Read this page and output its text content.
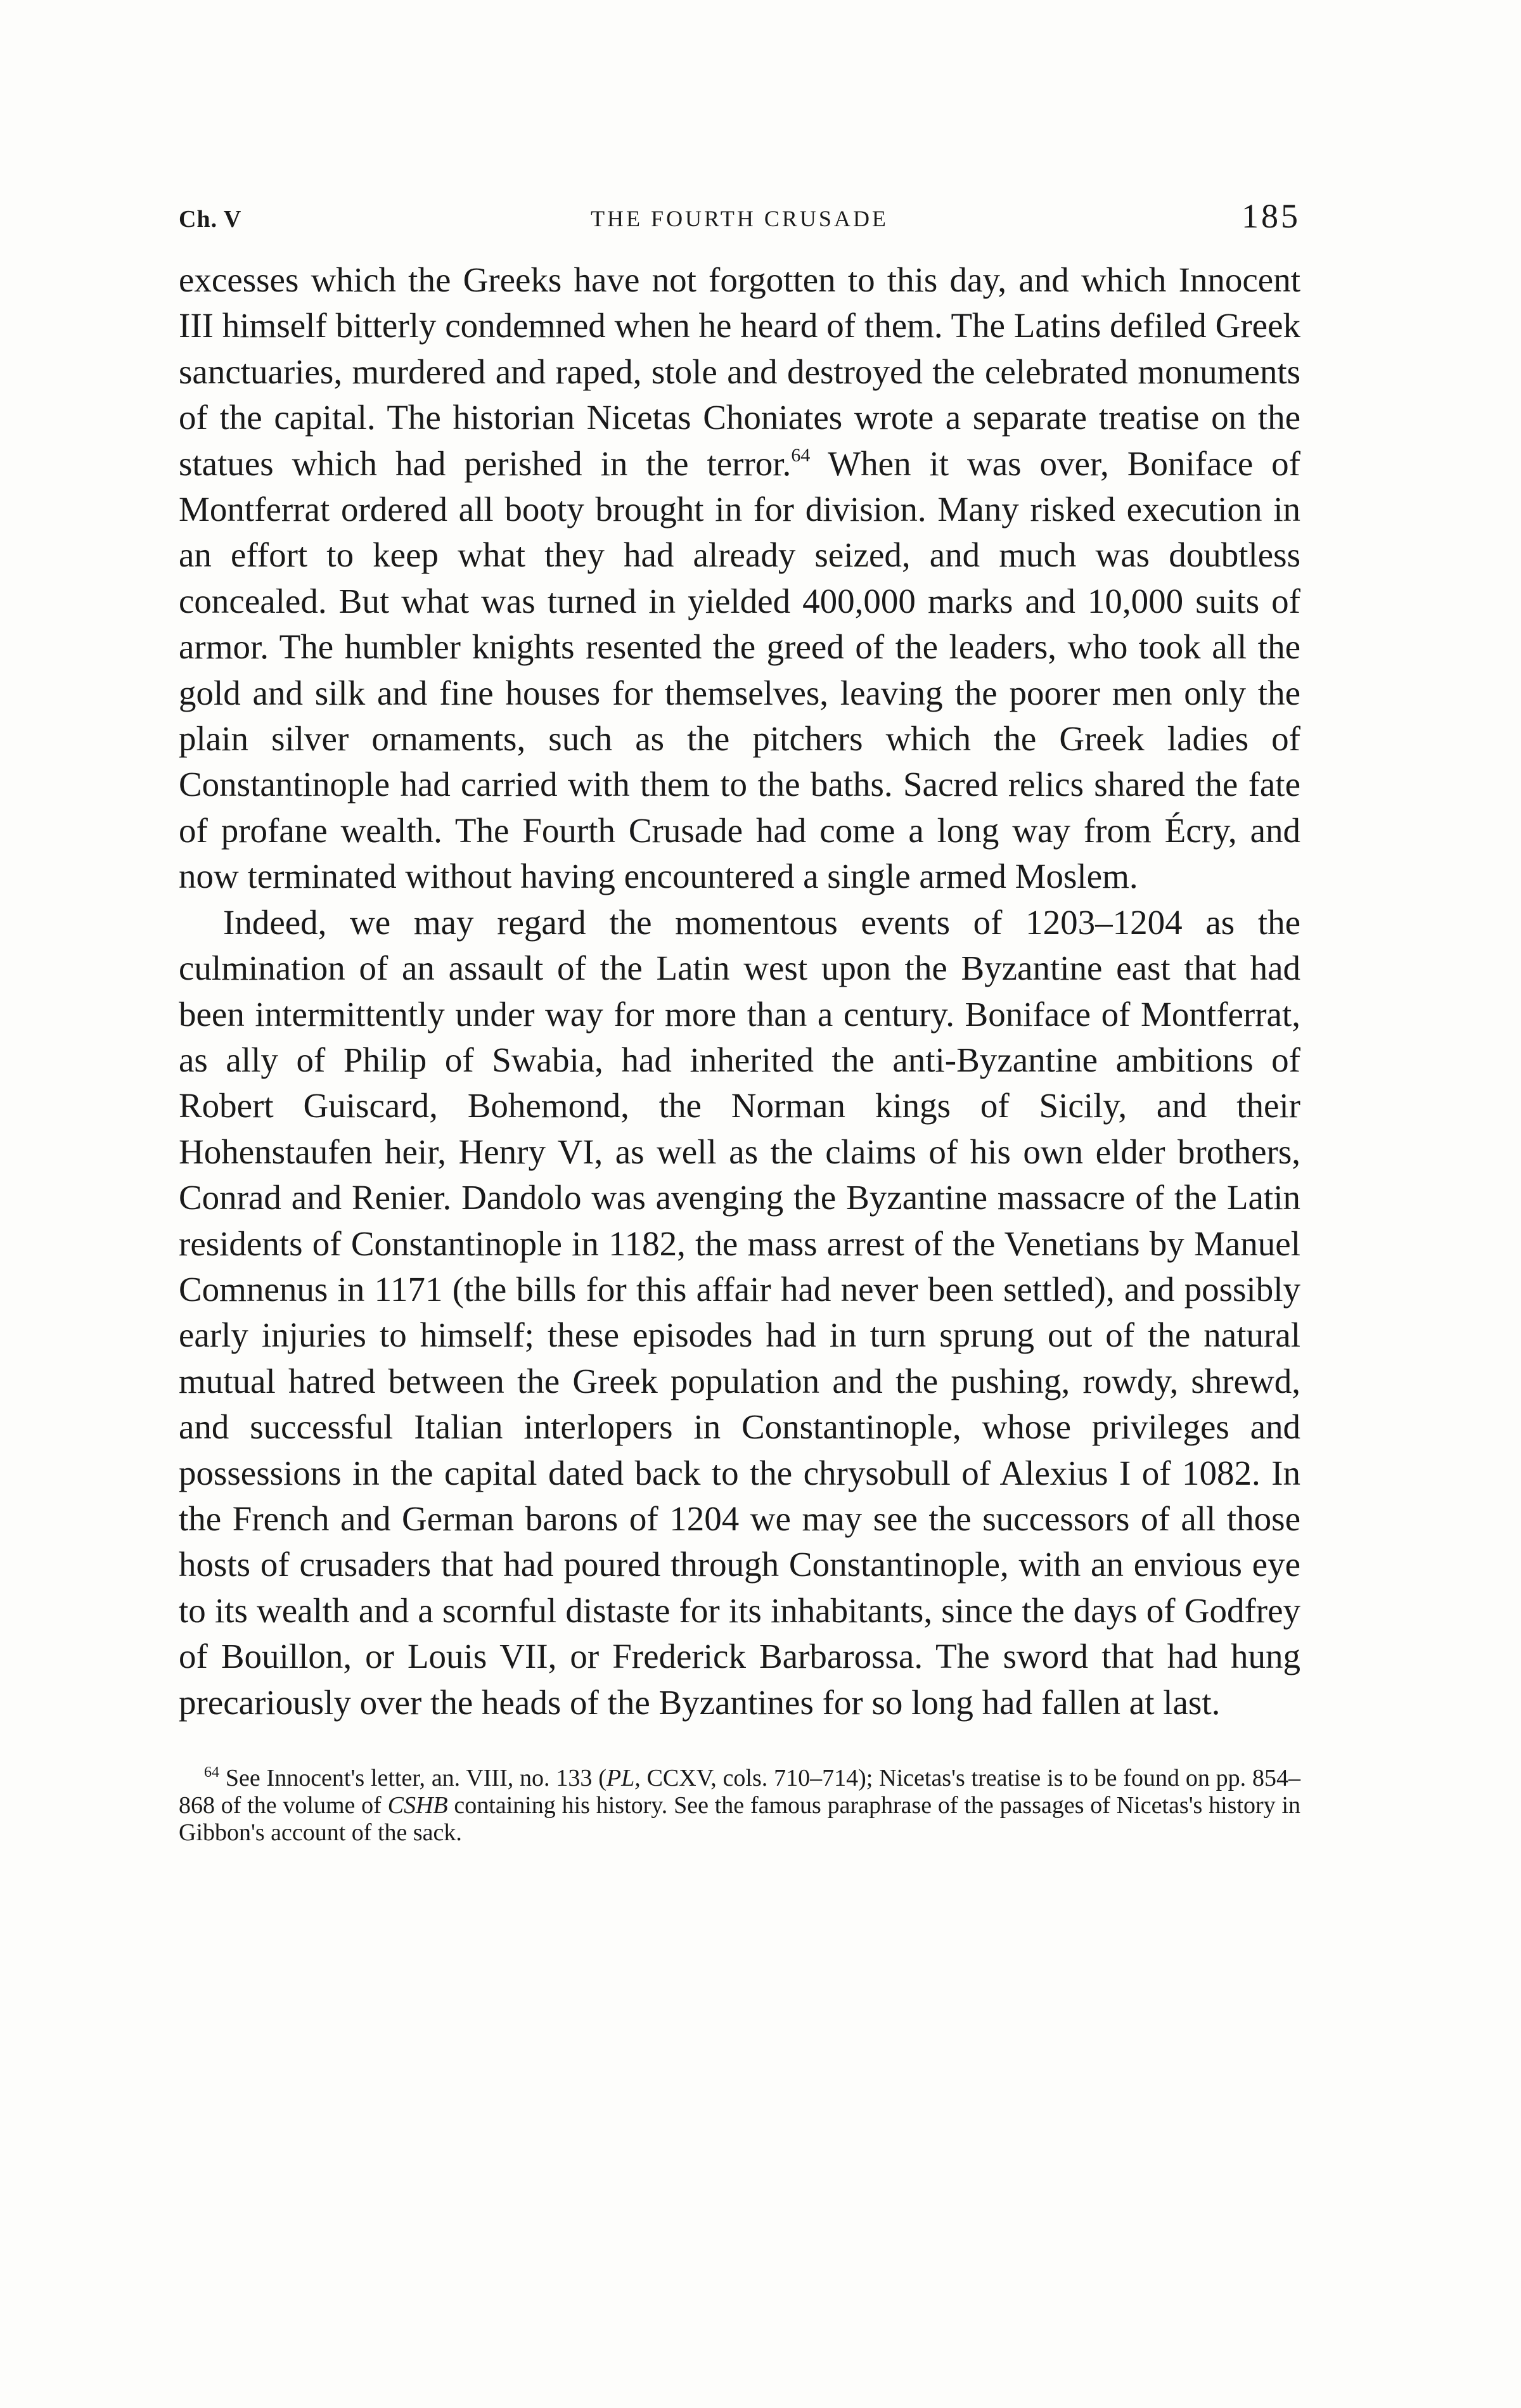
Ch. V	THE FOURTH CRUSADE	185

excesses which the Greeks have not forgotten to this day, and which Innocent III himself bitterly condemned when he heard of them. The Latins defiled Greek sanctuaries, murdered and raped, stole and destroyed the celebrated monuments of the capital. The historian Nicetas Choniates wrote a separate treatise on the statues which had perished in the terror.$^{64}$ When it was over, Boniface of Montferrat ordered all booty brought in for division. Many risked execution in an effort to keep what they had already seized, and much was doubtless concealed. But what was turned in yielded 400,000 marks and 10,000 suits of armor. The humbler knights resented the greed of the leaders, who took all the gold and silk and fine houses for themselves, leaving the poorer men only the plain silver ornaments, such as the pitchers which the Greek ladies of Constantinople had carried with them to the baths. Sacred relics shared the fate of profane wealth. The Fourth Crusade had come a long way from Écry, and now terminated without having encountered a single armed Moslem.

Indeed, we may regard the momentous events of 1203–1204 as the culmination of an assault of the Latin west upon the Byzantine east that had been intermittently under way for more than a century. Boniface of Montferrat, as ally of Philip of Swabia, had inherited the anti-Byzantine ambitions of Robert Guiscard, Bohemond, the Norman kings of Sicily, and their Hohenstaufen heir, Henry VI, as well as the claims of his own elder brothers, Conrad and Renier. Dandolo was avenging the Byzantine massacre of the Latin residents of Constantinople in 1182, the mass arrest of the Venetians by Manuel Comnenus in 1171 (the bills for this affair had never been settled), and possibly early injuries to himself; these episodes had in turn sprung out of the natural mutual hatred between the Greek population and the pushing, rowdy, shrewd, and successful Italian interlopers in Constantinople, whose privileges and possessions in the capital dated back to the chrysobull of Alexius I of 1082. In the French and German barons of 1204 we may see the successors of all those hosts of crusaders that had poured through Constantinople, with an envious eye to its wealth and a scornful distaste for its inhabitants, since the days of Godfrey of Bouillon, or Louis VII, or Frederick Barbarossa. The sword that had hung precariously over the heads of the Byzantines for so long had fallen at last.

$^{64}$ See Innocent's letter, an. VIII, no. 133 (PL, CCXV, cols. 710–714); Nicetas's treatise is to be found on pp. 854–868 of the volume of CSHB containing his history. See the famous paraphrase of the passages of Nicetas's history in Gibbon's account of the sack.
